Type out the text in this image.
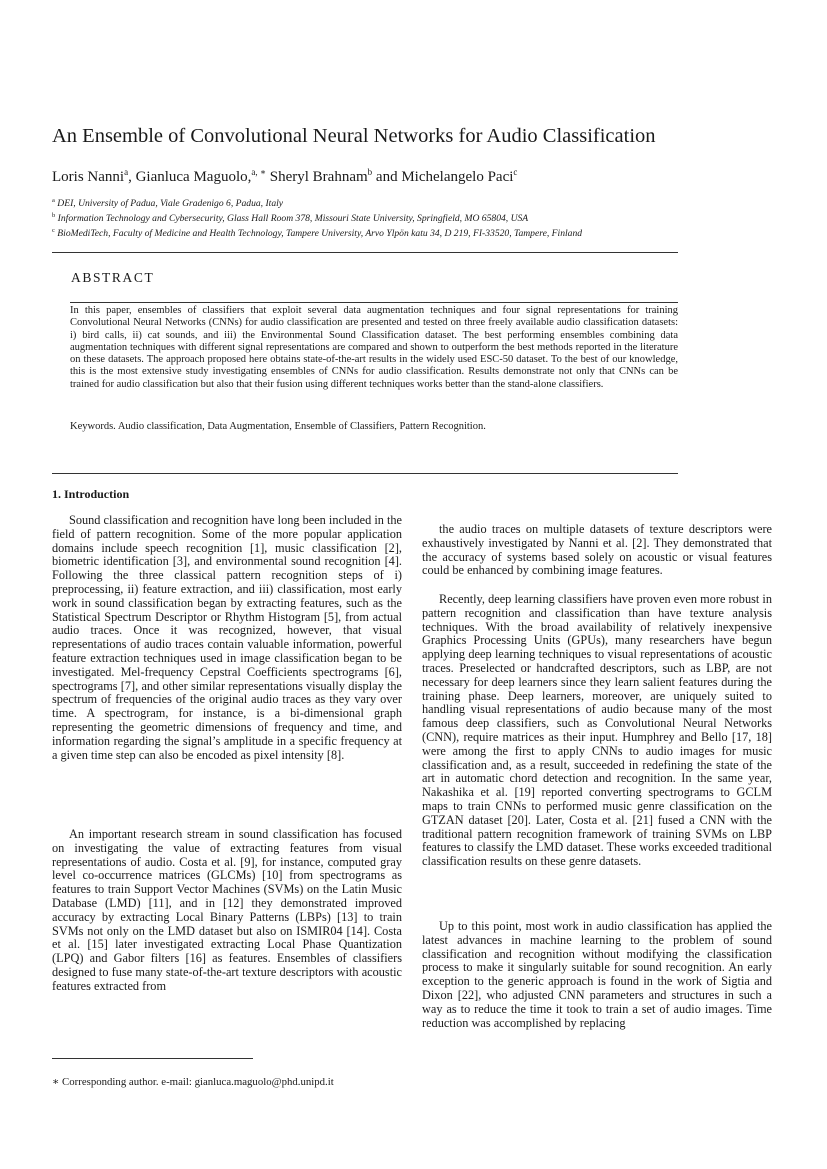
An Ensemble of Convolutional Neural Networks for Audio Classification
Loris Nanni$^a$, Gianluca Maguolo,$^{a, ∗}$ Sheryl Brahnam$^b$ and Michelangelo Paci$^c$
$^a$ DEI, University of Padua, Viale Gradenigo 6, Padua, Italy
$^b$ Information Technology and Cybersecurity, Glass Hall Room 378, Missouri State University, Springfield, MO 65804, USA
$^c$ BioMediTech, Faculty of Medicine and Health Technology, Tampere University, Arvo Ylpön katu 34, D 219, FI-33520, Tampere, Finland
ABSTRACT
In this paper, ensembles of classifiers that exploit several data augmentation techniques and four signal representations for training Convolutional Neural Networks (CNNs) for audio classification are presented and tested on three freely available audio classification datasets: i) bird calls, ii) cat sounds, and iii) the Environmental Sound Classification dataset. The best performing ensembles combining data augmentation techniques with different signal representations are compared and shown to outperform the best methods reported in the literature on these datasets. The approach proposed here obtains state-of-the-art results in the widely used ESC-50 dataset. To the best of our knowledge, this is the most extensive study investigating ensembles of CNNs for audio classification. Results demonstrate not only that CNNs can be trained for audio classification but also that their fusion using different techniques works better than the stand-alone classifiers.
Keywords. Audio classification, Data Augmentation, Ensemble of Classifiers, Pattern Recognition.
1. Introduction

Sound classification and recognition have long been included in the field of pattern recognition. Some of the more popular application domains include speech recognition [1], music classification [2], biometric identification [3], and environmental sound recognition [4]. Following the three classical pattern recognition steps of i) preprocessing, ii) feature extraction, and iii) classification, most early work in sound classification began by extracting features, such as the Statistical Spectrum Descriptor or Rhythm Histogram [5], from actual audio traces. Once it was recognized, however, that visual representations of audio traces contain valuable information, powerful feature extraction techniques used in image classification began to be investigated. Mel-frequency Cepstral Coefficients spectrograms [6], spectrograms [7], and other similar representations visually display the spectrum of frequencies of the original audio traces as they vary over time. A spectrogram, for instance, is a bi-dimensional graph representing the geometric dimensions of frequency and time, and information regarding the signal’s amplitude in a specific frequency at a given time step can also be encoded as pixel intensity [8].

An important research stream in sound classification has focused on investigating the value of extracting features from visual representations of audio. Costa et al. [9], for instance, computed gray level co-occurrence matrices (GLCMs) [10] from spectrograms as features to train Support Vector Machines (SVMs) on the Latin Music Database (LMD) [11], and in [12] they demonstrated improved accuracy by extracting Local Binary Patterns (LBPs) [13] to train SVMs not only on the LMD dataset but also on ISMIR04 [14]. Costa et al. [15] later investigated extracting Local Phase Quantization (LPQ) and Gabor filters [16] as features. Ensembles of classifiers designed to fuse many state-of-the-art texture descriptors with acoustic features extracted from

the audio traces on multiple datasets of texture descriptors were exhaustively investigated by Nanni et al. [2]. They demonstrated that the accuracy of systems based solely on acoustic or visual features could be enhanced by combining image features.

Recently, deep learning classifiers have proven even more robust in pattern recognition and classification than have texture analysis techniques. With the broad availability of relatively inexpensive Graphics Processing Units (GPUs), many researchers have begun applying deep learning techniques to visual representations of acoustic traces. Preselected or handcrafted descriptors, such as LBP, are not necessary for deep learners since they learn salient features during the training phase. Deep learners, moreover, are uniquely suited to handling visual representations of audio because many of the most famous deep classifiers, such as Convolutional Neural Networks (CNN), require matrices as their input. Humphrey and Bello [17, 18] were among the first to apply CNNs to audio images for music classification and, as a result, succeeded in redefining the state of the art in automatic chord detection and recognition. In the same year, Nakashika et al. [19] reported converting spectrograms to GCLM maps to train CNNs to performed music genre classification on the GTZAN dataset [20]. Later, Costa et al. [21] fused a CNN with the traditional pattern recognition framework of training SVMs on LBP features to classify the LMD dataset. These works exceeded traditional classification results on these genre datasets.

Up to this point, most work in audio classification has applied the latest advances in machine learning to the problem of sound classification and recognition without modifying the classification process to make it singularly suitable for sound recognition. An early exception to the generic approach is found in the work of Sigtia and Dixon [22], who adjusted CNN parameters and structures in such a way as to reduce the time it took to train a set of audio images. Time reduction was accomplished by replacing

∗ Corresponding author. e-mail: gianluca.maguolo@phd.unipd.it
